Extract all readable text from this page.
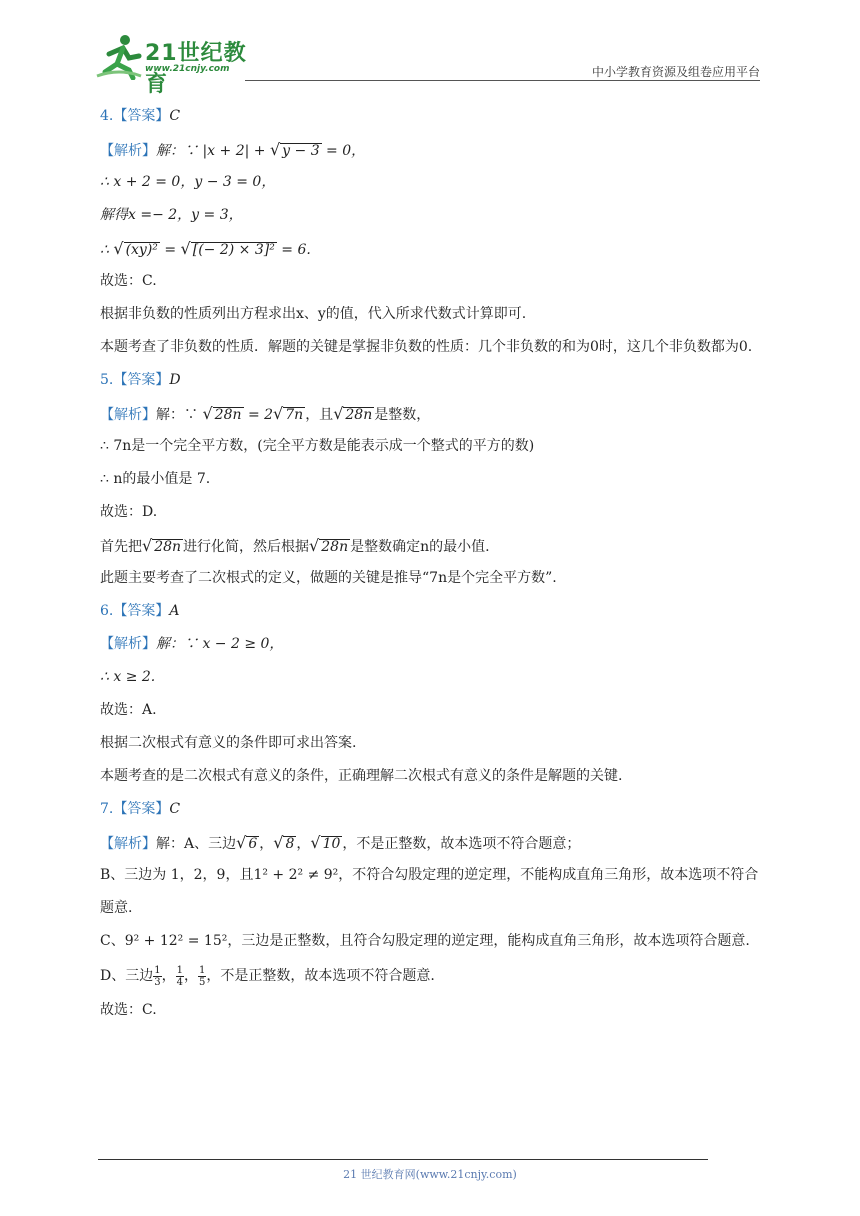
21世纪教育
www.21cnjy.com	中小学教育资源及组卷应用平台
4.【答案】C
【解析】解：∵ |x + 2| + √ y − 3 = 0，
∴ x + 2 = 0，y − 3 = 0，
解得x =− 2，y = 3，
∴ √ (xy)² = √ [(− 2) × 3]² = 6.
故选：C.
根据非负数的性质列出方程求出x、y的值，代入所求代数式计算即可.
本题考查了非负数的性质．解题的关键是掌握非负数的性质：几个非负数的和为0时，这几个非负数都为0.
5.【答案】D
【解析】解：∵ √ 28n = 2√ 7n ，且√ 28n 是整数，
∴ 7n是一个完全平方数，(完全平方数是能表示成一个整式的平方的数)
∴ n的最小值是 7.
故选：D.
首先把√ 28n 进行化简，然后根据√ 28n 是整数确定n的最小值.
此题主要考查了二次根式的定义，做题的关键是推导“7n是个完全平方数”.
6.【答案】A
【解析】解：∵ x − 2 ≥ 0，
∴ x ≥ 2.
故选：A.
根据二次根式有意义的条件即可求出答案.
本题考查的是二次根式有意义的条件，正确理解二次根式有意义的条件是解题的关键.
7.【答案】C
【解析】解：A、三边√ 6 ，√ 8 ，√ 10 ，不是正整数，故本选项不符合题意；
B、三边为 1，2，9，且1² + 2² ≠ 9²，不符合勾股定理的逆定理，不能构成直角三角形，故本选项不符合题意.
C、9² + 12² = 15²，三边是正整数，且符合勾股定理的逆定理，能构成直角三角形，故本选项符合题意.
D、三边 $\frac{1}{3}$ ， $\frac{1}{4}$ ， $\frac{1}{5}$ ，不是正整数，故本选项不符合题意.
故选：C.
21 世纪教育网(www.21cnjy.com)
